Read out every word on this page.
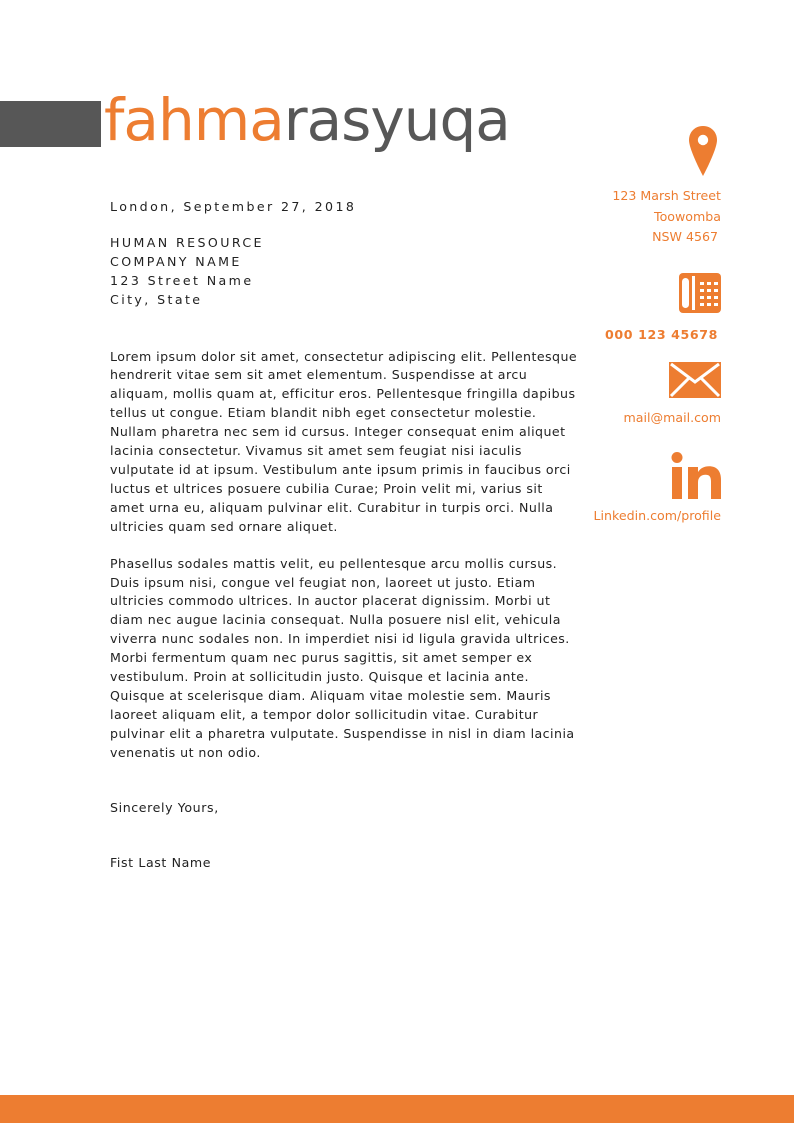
fahmarasyuqa
London, September 27, 2018
HUMAN RESOURCE
COMPANY NAME
123 Street Name
City, State

Lorem ipsum dolor sit amet, consectetur adipiscing elit. Pellentesque hendrerit vitae sem sit amet elementum. Suspendisse at arcu aliquam, mollis quam at, efficitur eros. Pellentesque fringilla dapibus tellus ut congue. Etiam blandit nibh eget consectetur molestie. Nullam pharetra nec sem id cursus. Integer consequat enim aliquet lacinia consectetur. Vivamus sit amet sem feugiat nisi iaculis vulputate id at ipsum. Vestibulum ante ipsum primis in faucibus orci luctus et ultrices posuere cubilia Curae; Proin velit mi, varius sit amet urna eu, aliquam pulvinar elit. Curabitur in turpis orci. Nulla ultricies quam sed ornare aliquet.

Phasellus sodales mattis velit, eu pellentesque arcu mollis cursus. Duis ipsum nisi, congue vel feugiat non, laoreet ut justo. Etiam ultricies commodo ultrices. In auctor placerat dignissim. Morbi ut diam nec augue lacinia consequat. Nulla posuere nisl elit, vehicula viverra nunc sodales non. In imperdiet nisi id ligula gravida ultrices. Morbi fermentum quam nec purus sagittis, sit amet semper ex vestibulum. Proin at sollicitudin justo. Quisque et lacinia ante. Quisque at scelerisque diam. Aliquam vitae molestie sem. Mauris laoreet aliquam elit, a tempor dolor sollicitudin vitae. Curabitur pulvinar elit a pharetra vulputate. Suspendisse in nisl in diam lacinia venenatis ut non odio.

Sincerely Yours,
Fist Last Name
123 Marsh Street
Toowomba
NSW 4567
000 123 45678
mail@mail.com
Linkedin.com/profile
